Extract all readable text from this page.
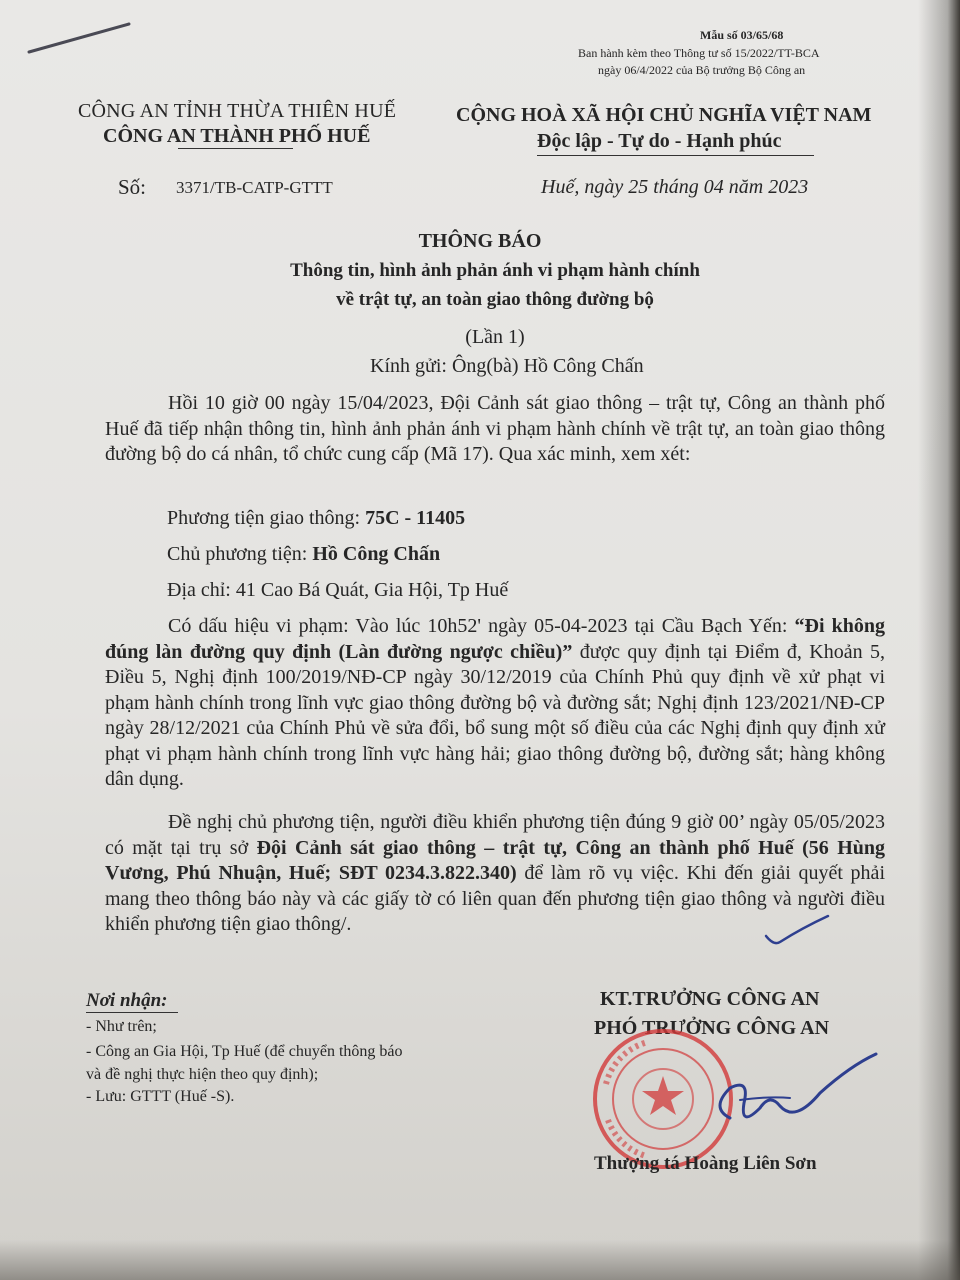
Mẫu số 03/65/68
Ban hành kèm theo Thông tư số 15/2022/TT-BCA
ngày 06/4/2022 của Bộ trưởng Bộ Công an
CÔNG AN TỈNH THỪA THIÊN HUẾ
CÔNG AN THÀNH PHỐ HUẾ
CỘNG HOÀ XÃ HỘI CHỦ NGHĨA VIỆT NAM
Độc lập - Tự do - Hạnh phúc
Số: 3371/TB-CATP-GTTT	Huế, ngày 25 tháng 04 năm 2023
THÔNG BÁO
Thông tin, hình ảnh phản ánh vi phạm hành chính
về trật tự, an toàn giao thông đường bộ
(Lần 1)
Kính gửi: Ông(bà) Hồ Công Chấn
Hồi 10 giờ 00 ngày 15/04/2023, Đội Cảnh sát giao thông – trật tự, Công an thành phố Huế đã tiếp nhận thông tin, hình ảnh phản ánh vi phạm hành chính về trật tự, an toàn giao thông đường bộ do cá nhân, tổ chức cung cấp (Mã 17). Qua xác minh, xem xét:
Phương tiện giao thông: 75C - 11405
Chủ phương tiện: Hồ Công Chấn
Địa chỉ: 41 Cao Bá Quát, Gia Hội, Tp Huế
Có dấu hiệu vi phạm: Vào lúc 10h52' ngày 05-04-2023 tại Cầu Bạch Yến: “Đi không đúng làn đường quy định (Làn đường ngược chiều)” được quy định tại Điểm đ, Khoản 5, Điều 5, Nghị định 100/2019/NĐ-CP ngày 30/12/2019 của Chính Phủ quy định về xử phạt vi phạm hành chính trong lĩnh vực giao thông đường bộ và đường sắt; Nghị định 123/2021/NĐ-CP ngày 28/12/2021 của Chính Phủ về sửa đổi, bổ sung một số điều của các Nghị định quy định xử phạt vi phạm hành chính trong lĩnh vực hàng hải; giao thông đường bộ, đường sắt; hàng không dân dụng.
Đề nghị chủ phương tiện, người điều khiển phương tiện đúng 9 giờ 00’ ngày 05/05/2023 có mặt tại trụ sở Đội Cảnh sát giao thông – trật tự, Công an thành phố Huế (56 Hùng Vương, Phú Nhuận, Huế; SĐT 0234.3.822.340) để làm rõ vụ việc. Khi đến giải quyết phải mang theo thông báo này và các giấy tờ có liên quan đến phương tiện giao thông và người điều khiển phương tiện giao thông/.
Nơi nhận:
- Như trên;
- Công an Gia Hội, Tp Huế (để chuyển thông báo
và đề nghị thực hiện theo quy định);
- Lưu: GTTT (Huế -S).
KT.TRƯỞNG CÔNG AN
PHÓ TRƯỞNG CÔNG AN
Thượng tá Hoàng Liên Sơn
